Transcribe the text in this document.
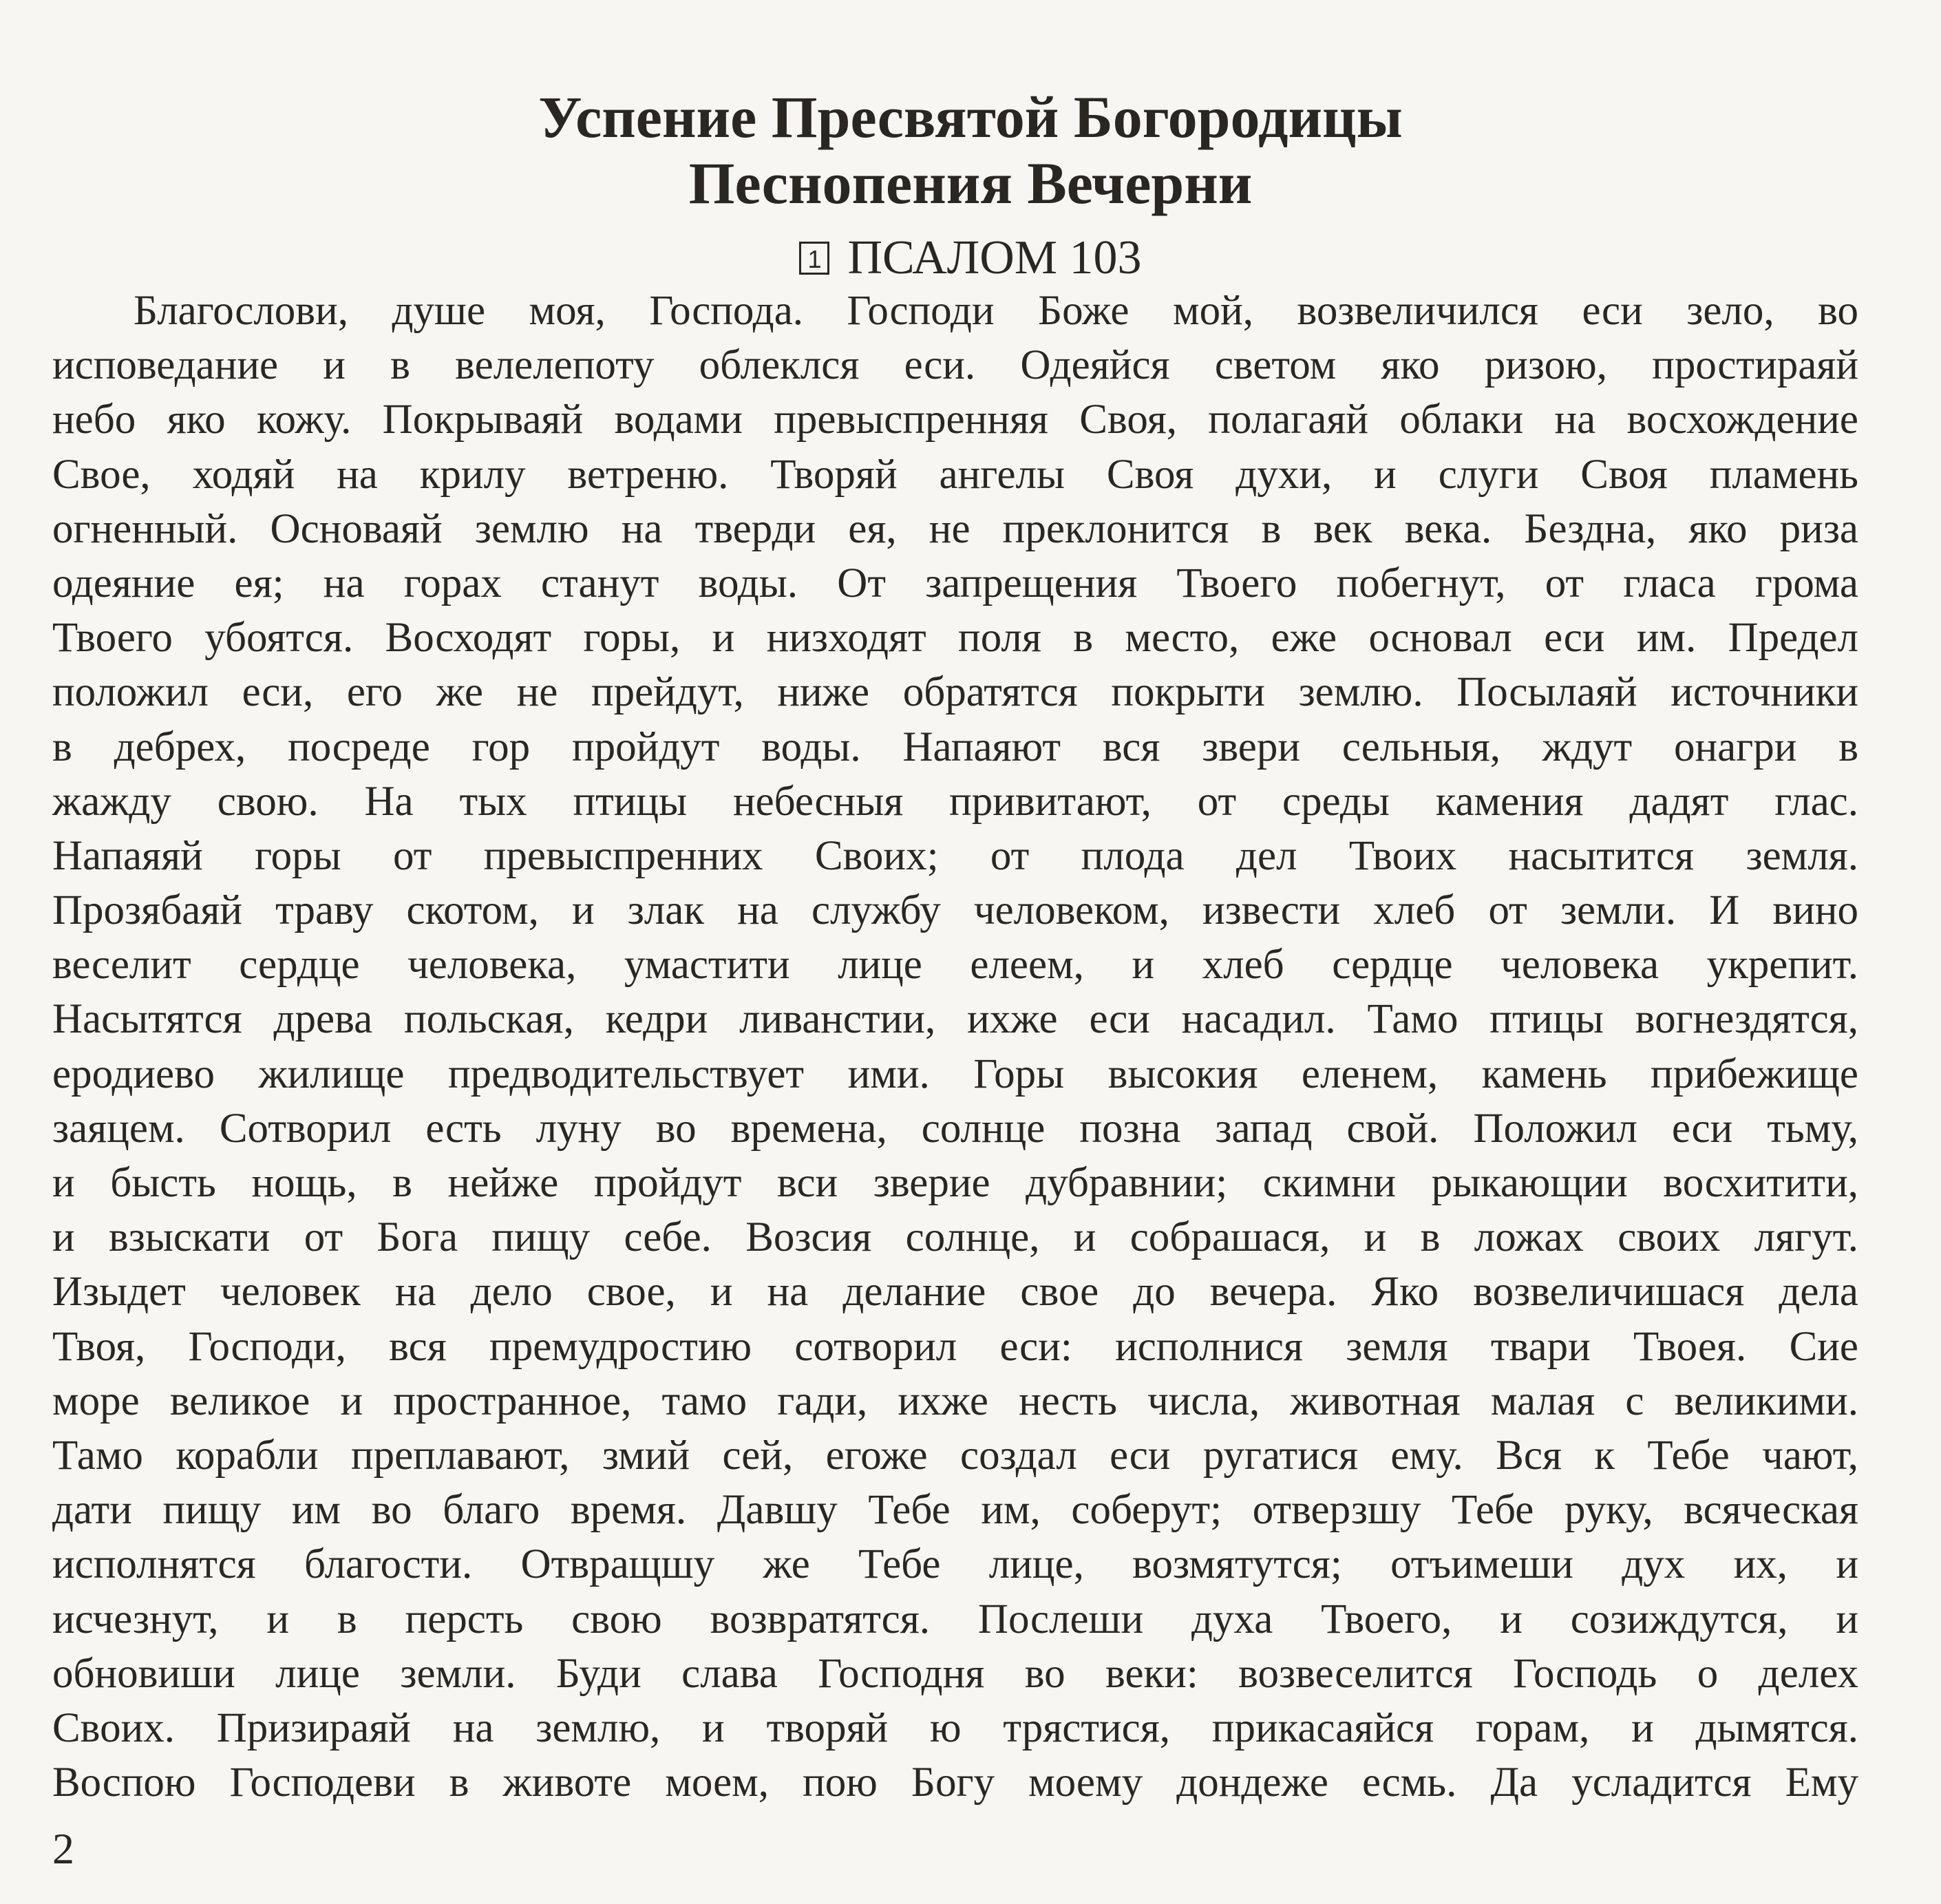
Успение Пресвятой Богородицы
Песнопения Вечерни
1 ПСАЛОМ 103
Благослови, душе моя, Господа. Господи Боже мой, возвеличился еси зело, во
исповедание и в велелепоту облеклся еси. Одеяйся светом яко ризою, простираяй
небо яко кожу. Покрываяй водами превыспренняя Своя, полагаяй облаки на восхождение
Свое, ходяй на крилу ветреню. Творяй ангелы Своя духи, и слуги Своя пламень
огненный. Основаяй землю на тверди ея, не преклонится в век века. Бездна, яко риза
одеяние ея; на горах станут воды. От запрещения Твоего побегнут, от гласа грома
Твоего убоятся. Восходят горы, и низходят поля в место, еже основал еси им. Предел
положил еси, его же не прейдут, ниже обратятся покрыти землю. Посылаяй источники
в дебрех, посреде гор пройдут воды. Напаяют вся звери сельныя, ждут онагри в
жажду свою. На тых птицы небесныя привитают, от среды камения дадят глас.
Напаяяй горы от превыспренних Своих; от плода дел Твоих насытится земля.
Прозябаяй траву скотом, и злак на службу человеком, извести хлеб от земли. И вино
веселит сердце человека, умастити лице елеем, и хлеб сердце человека укрепит.
Насытятся древа польская, кедри ливанстии, ихже еси насадил. Тамо птицы вогнездятся,
еродиево жилище предводительствует ими. Горы высокия еленем, камень прибежище
заяцем. Сотворил есть луну во времена, солнце позна запад свой. Положил еси тьму,
и бысть нощь, в нейже пройдут вси зверие дубравнии; скимни рыкающии восхитити,
и взыскати от Бога пищу себе. Возсия солнце, и собрашася, и в ложах своих лягут.
Изыдет человек на дело свое, и на делание свое до вечера. Яко возвеличишася дела
Твоя, Господи, вся премудростию сотворил еси: исполнися земля твари Твоея. Сие
море великое и пространное, тамо гади, ихже несть числа, животная малая с великими.
Тамо корабли преплавают, змий сей, егоже создал еси ругатися ему. Вся к Тебе чают,
дати пищу им во благо время. Давшу Тебе им, соберут; отверзшу Тебе руку, всяческая
исполнятся благости. Отвращшу же Тебе лице, возмятутся; отъимеши дух их, и
исчезнут, и в персть свою возвратятся. Послеши духа Твоего, и созиждутся, и
обновиши лице земли. Буди слава Господня во веки: возвеселится Господь о делех
Своих. Призираяй на землю, и творяй ю трястися, прикасаяйся горам, и дымятся.
Воспою Господеви в животе моем, пою Богу моему дондеже есмь. Да усладится Ему
2
